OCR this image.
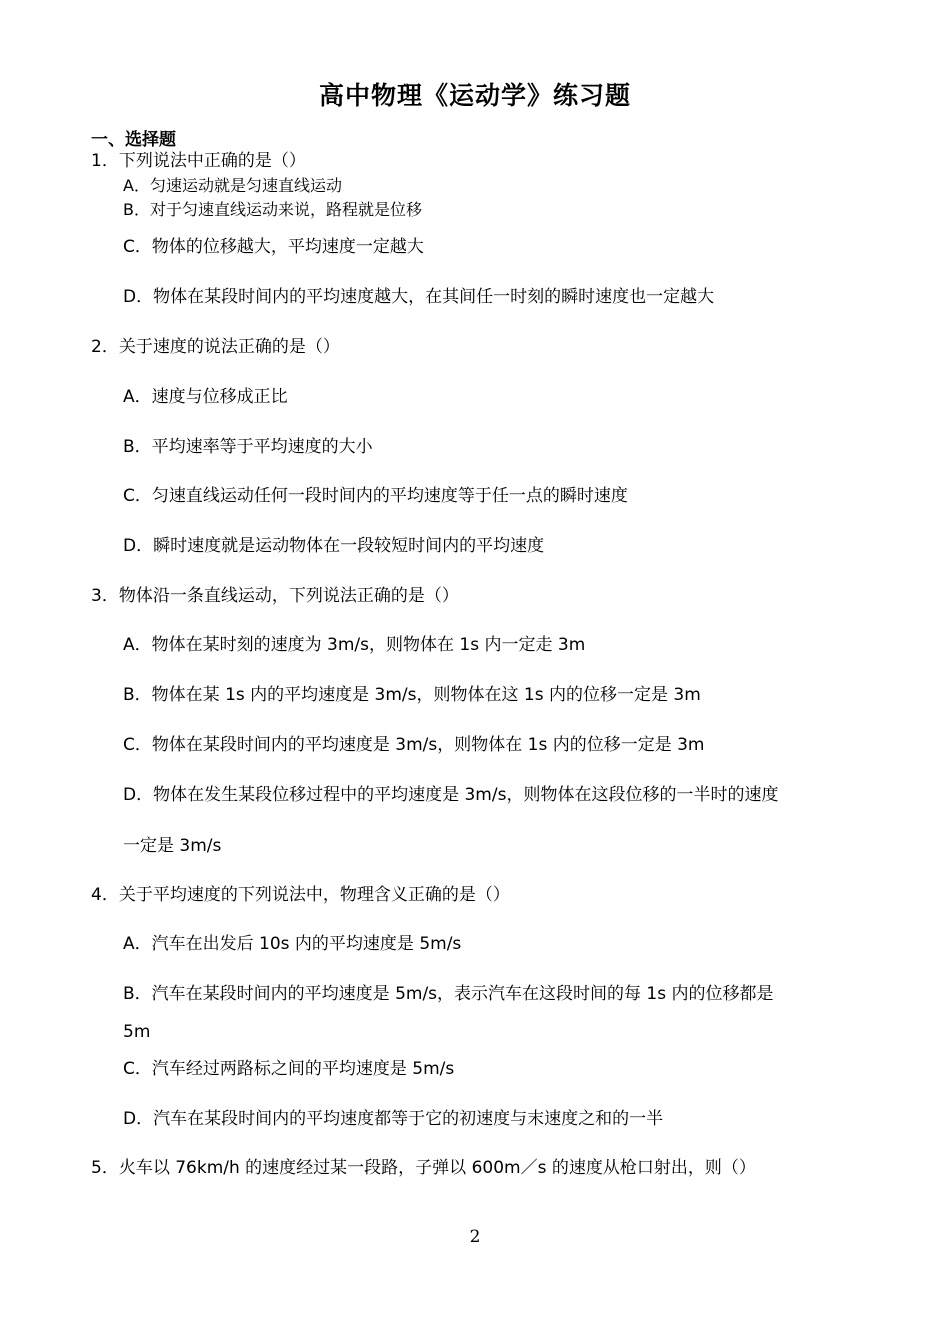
高中物理《运动学》练习题
一、选择题
1．下列说法中正确的是（）
A．匀速运动就是匀速直线运动
B．对于匀速直线运动来说，路程就是位移
C．物体的位移越大，平均速度一定越大
D．物体在某段时间内的平均速度越大，在其间任一时刻的瞬时速度也一定越大
2．关于速度的说法正确的是（）
A．速度与位移成正比
B．平均速率等于平均速度的大小
C．匀速直线运动任何一段时间内的平均速度等于任一点的瞬时速度
D．瞬时速度就是运动物体在一段较短时间内的平均速度
3．物体沿一条直线运动，下列说法正确的是（）
A．物体在某时刻的速度为 3m/s，则物体在 1s 内一定走 3m
B．物体在某 1s 内的平均速度是 3m/s，则物体在这 1s 内的位移一定是 3m
C．物体在某段时间内的平均速度是 3m/s，则物体在 1s 内的位移一定是 3m
D．物体在发生某段位移过程中的平均速度是 3m/s，则物体在这段位移的一半时的速度
一定是 3m/s
4．关于平均速度的下列说法中，物理含义正确的是（）
A．汽车在出发后 10s 内的平均速度是 5m/s
B．汽车在某段时间内的平均速度是 5m/s，表示汽车在这段时间的每 1s 内的位移都是
5m
C．汽车经过两路标之间的平均速度是 5m/s
D．汽车在某段时间内的平均速度都等于它的初速度与末速度之和的一半
5．火车以 76km/h 的速度经过某一段路，子弹以 600m／s 的速度从枪口射出，则（）
2
